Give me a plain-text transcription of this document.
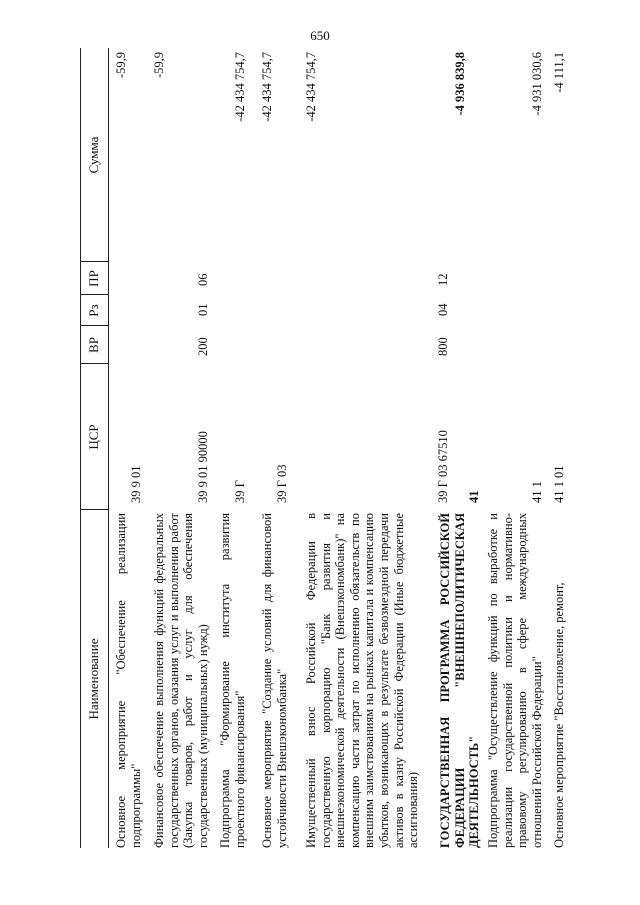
650
Наименование
ЦСР
ВР
Рз
ПР
Сумма
Основное мероприятие "Обеспечение реализации подпрограммы"
39 9 01
-59,9
Финансовое обеспечение выполнения функций федеральных государственных органов, оказания услуг и выполнения работ (Закупка товаров, работ и услуг для обеспечения государственных (муниципальных) нужд)
39 9 01 90000
200
01
06
-59,9
Подпрограмма "Формирование института развития проектного финансирования"
39 Г
-42 434 754,7
Основное мероприятие "Создание условий для финансовой устойчивости Внешэкономбанка"
39 Г 03
-42 434 754,7
Имущественный взнос Российской Федерации в государственную корпорацию "Банк развития и внешнеэкономической деятельности (Внешэкономбанк)" на компенсацию части затрат по исполнению обязательств по внешним заимствованиям на рынках капитала и компенсацию убытков, возникающих в результате безвозмездной передачи активов в казну Российской Федерации (Иные бюджетные ассигнования)
39 Г 03 67510
800
04
12
-42 434 754,7
ГОСУДАРСТВЕННАЯ ПРОГРАММА РОССИЙСКОЙ ФЕДЕРАЦИИ "ВНЕШНЕПОЛИТИЧЕСКАЯ ДЕЯТЕЛЬНОСТЬ"
41
-4 936 839,8
Подпрограмма "Осуществление функций по выработке и реализации государственной политики и нормативно-правовому регулированию в сфере международных отношений Российской Федерации"
41 1
-4 931 030,6
Основное мероприятие "Восстановление, ремонт,
41 1 01
-4 111,1
